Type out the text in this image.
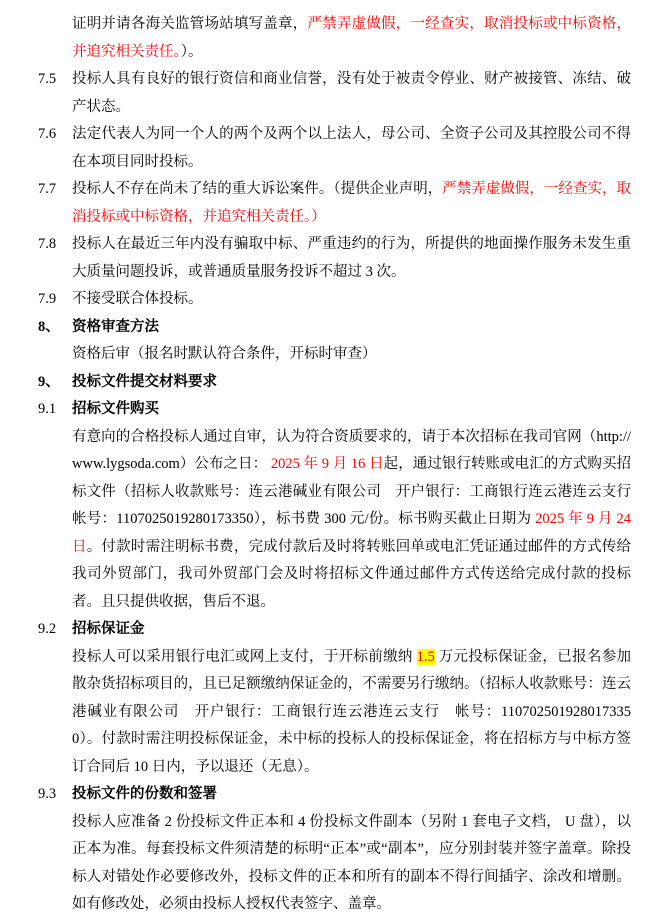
证明并请各海关监管场站填写盖章，严禁弄虚做假，一经查实，取消投标或中标资格，并追究相关责任。）。
7.5	投标人具有良好的银行资信和商业信誉，没有处于被责令停业、财产被接管、冻结、破产状态。
7.6	法定代表人为同一个人的两个及两个以上法人，母公司、全资子公司及其控股公司不得在本项目同时投标。
7.7	投标人不存在尚未了结的重大诉讼案件。（提供企业声明，严禁弄虚做假，一经查实，取消投标或中标资格，并追究相关责任。）
7.8	投标人在最近三年内没有骗取中标、严重违约的行为，所提供的地面操作服务未发生重大质量问题投诉，或普通质量服务投诉不超过 3 次。
7.9	不接受联合体投标。
8、 资格审查方法
资格后审（报名时默认符合条件，开标时审查）
9、 投标文件提交材料要求
9.1	招标文件购买
有意向的合格投标人通过自审，认为符合资质要求的，请于本次招标在我司官网（http://www.lygsoda.com）公布之日： 2025 年 9 月 16 日起，通过银行转账或电汇的方式购买招标文件（招标人收款账号：连云港碱业有限公司　开户银行：工商银行连云港连云支行帐号：1107025019280173350），标书费 300 元/份。标书购买截止日期为 2025 年 9 月 24 日。付款时需注明标书费，完成付款后及时将转账回单或电汇凭证通过邮件的方式传给我司外贸部门，我司外贸部门会及时将招标文件通过邮件方式传送给完成付款的投标者。且只提供收据，售后不退。
9.2	招标保证金
投标人可以采用银行电汇或网上支付，于开标前缴纳 1.5 万元投标保证金，已报名参加散杂货招标项目的，且已足额缴纳保证金的，不需要另行缴纳。（招标人收款账号：连云港碱业有限公司　开户银行：工商银行连云港连云支行　帐号：1107025019280173350）。付款时需注明投标保证金，未中标的投标人的投标保证金，将在招标方与中标方签订合同后 10 日内，予以退还（无息）。
9.3	投标文件的份数和签署
投标人应准备 2 份投标文件正本和 4 份投标文件副本（另附 1 套电子文档， U 盘），以正本为准。每套投标文件须清楚的标明“正本”或“副本”，应分别封装并签字盖章。除投标人对错处作必要修改外，投标文件的正本和所有的副本不得行间插字、涂改和增删。如有修改处，必须由投标人授权代表签字、盖章。
